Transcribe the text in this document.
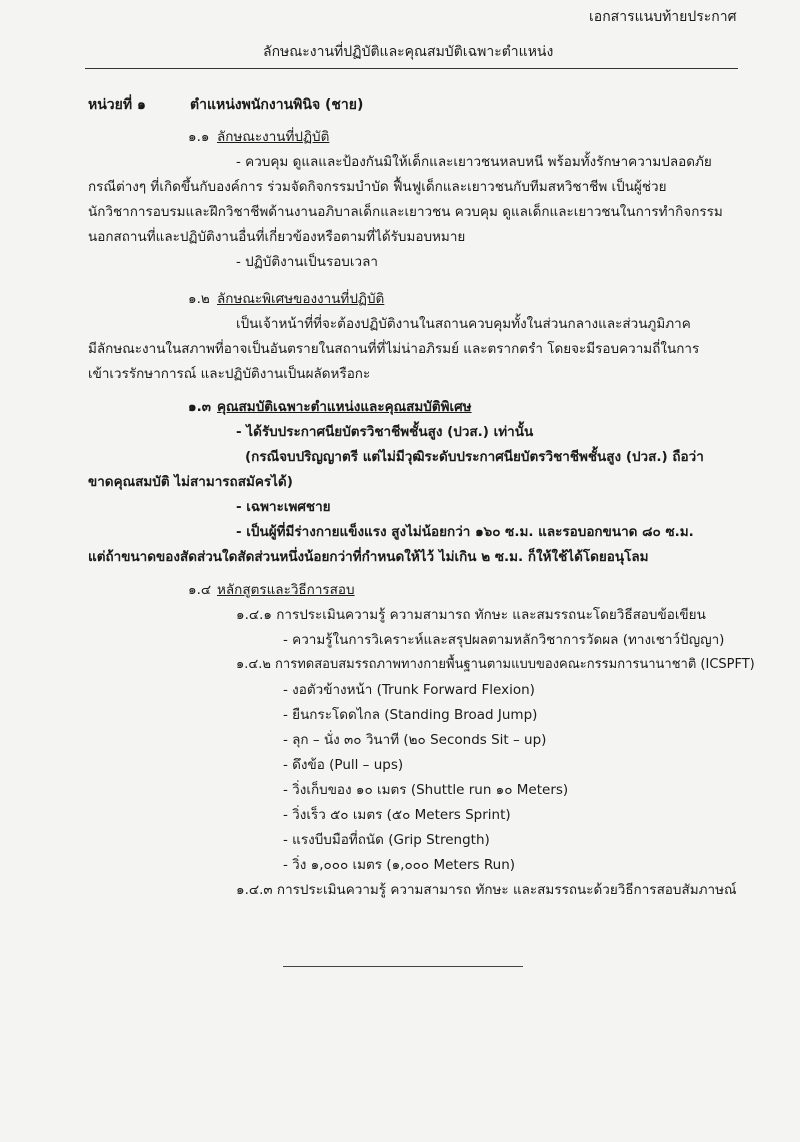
เอกสารแนบท้ายประกาศ
ลักษณะงานที่ปฏิบัติและคุณสมบัติเฉพาะตำแหน่ง
หน่วยที่ ๑	ตำแหน่งพนักงานพินิจ (ชาย)
๑.๑ ลักษณะงานที่ปฏิบัติ
- ควบคุม ดูแลและป้องกันมิให้เด็กและเยาวชนหลบหนี พร้อมทั้งรักษาความปลอดภัย
กรณีต่างๆ ที่เกิดขึ้นกับองค์การ ร่วมจัดกิจกรรมบำบัด ฟื้นฟูเด็กและเยาวชนกับทีมสหวิชาชีพ เป็นผู้ช่วย
นักวิชาการอบรมและฝึกวิชาชีพด้านงานอภิบาลเด็กและเยาวชน ควบคุม ดูแลเด็กและเยาวชนในการทำกิจกรรม
นอกสถานที่และปฏิบัติงานอื่นที่เกี่ยวข้องหรือตามที่ได้รับมอบหมาย
- ปฏิบัติงานเป็นรอบเวลา
๑.๒ ลักษณะพิเศษของงานที่ปฏิบัติ
เป็นเจ้าหน้าที่ที่จะต้องปฏิบัติงานในสถานควบคุมทั้งในส่วนกลางและส่วนภูมิภาค
มีลักษณะงานในสภาพที่อาจเป็นอันตรายในสถานที่ที่ไม่น่าอภิรมย์ และตรากตรำ โดยจะมีรอบความถี่ในการ
เข้าเวรรักษาการณ์ และปฏิบัติงานเป็นผลัดหรือกะ
๑.๓ คุณสมบัติเฉพาะตำแหน่งและคุณสมบัติพิเศษ
- ได้รับประกาศนียบัตรวิชาชีพชั้นสูง (ปวส.) เท่านั้น
(กรณีจบปริญญาตรี แต่ไม่มีวุฒิระดับประกาศนียบัตรวิชาชีพชั้นสูง (ปวส.) ถือว่า
ขาดคุณสมบัติ ไม่สามารถสมัครได้)
- เฉพาะเพศชาย
- เป็นผู้ที่มีร่างกายแข็งแรง สูงไม่น้อยกว่า ๑๖๐ ซ.ม. และรอบอกขนาด ๘๐ ซ.ม.
แต่ถ้าขนาดของสัดส่วนใดสัดส่วนหนึ่งน้อยกว่าที่กำหนดให้ไว้ ไม่เกิน ๒ ซ.ม. ก็ให้ใช้ได้โดยอนุโลม
๑.๔ หลักสูตรและวิธีการสอบ
๑.๔.๑ การประเมินความรู้ ความสามารถ ทักษะ และสมรรถนะโดยวิธีสอบข้อเขียน
- ความรู้ในการวิเคราะห์และสรุปผลตามหลักวิชาการวัดผล (ทางเชาว์ปัญญา)
๑.๔.๒ การทดสอบสมรรถภาพทางกายพื้นฐานตามแบบของคณะกรรมการนานาชาติ (ICSPFT)
- งอตัวข้างหน้า (Trunk Forward Flexion)
- ยืนกระโดดไกล (Standing Broad Jump)
- ลุก – นั่ง ๓๐ วินาที (๒๐ Seconds Sit – up)
- ดึงข้อ (Pull – ups)
- วิ่งเก็บของ ๑๐ เมตร (Shuttle run ๑๐ Meters)
- วิ่งเร็ว ๕๐ เมตร (๕๐ Meters Sprint)
- แรงบีบมือที่ถนัด (Grip Strength)
- วิ่ง ๑,๐๐๐ เมตร (๑,๐๐๐ Meters Run)
๑.๔.๓ การประเมินความรู้ ความสามารถ ทักษะ และสมรรถนะด้วยวิธีการสอบสัมภาษณ์
